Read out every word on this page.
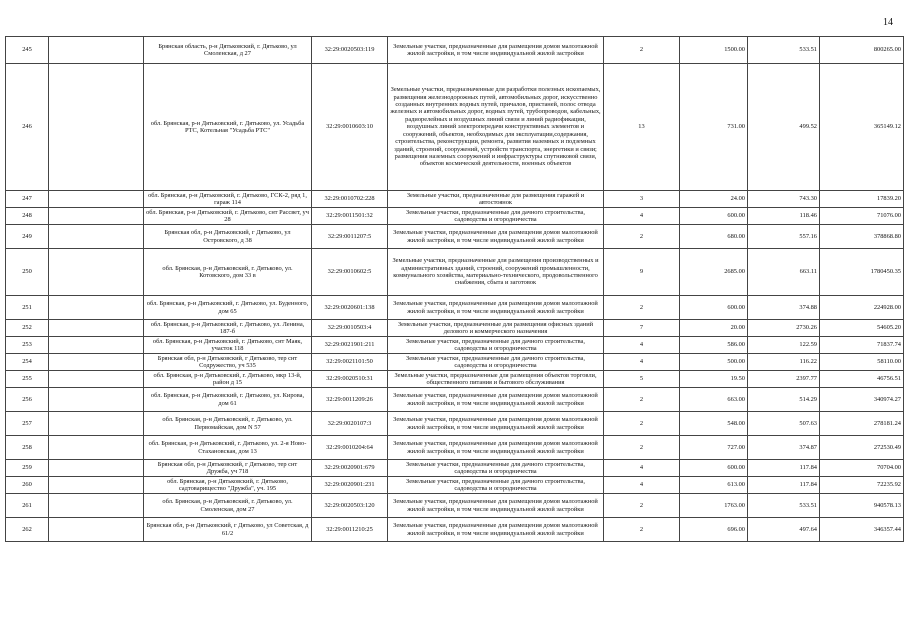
14
245		Брянская область, р-н Дятьковский, г. Дятьково, ул Смоленская, д 27	32:29:0020503:119	Земельные участки, предназначенные для размещения домов малоэтажной жилой застройки, в том числе индивидуальной жилой застройки	2	1500.00	533.51	800265.00
246		обл. Брянская, р-н Дятьковский, г. Дятьково, ул. Усадьба РТС, Котельная "Усадьба РТС"	32:29:0010603:10	Земельные участки, предназначенные для разработки полезных ископаемых, размещения железнодорожных путей, автомобильных дорог, искусственно созданных внутренних водных путей, причалов, пристаней, полос отвода железных и автомобильных дорог, водных путей, трубопроводов, кабельных, радиорелейных и воздушных линий связи и линий радиофикации, воздушных линий электропередачи конструктивных элементов и сооружений, объектов, необходимых для эксплуатации,содержания, строительства, реконструкции, ремонта, развития наземных и подземных зданий, строений, сооружений, устройств транспорта, энергетики и связи; размещения наземных сооружений и инфраструктуры спутниковой связи, объектов космической деятельности, военных объектов	13	731.00	499.52	365149.12
247		обл. Брянская, р-н Дятьковский, г. Дятьково, ГСК-2, ряд 1, гараж 114	32:29:0010702:228	Земельные участки, предназначенные для размещения гаражей и автостоянок	3	24.00	743.30	17839.20
248		обл. Брянская, р-н Дятьковский, г. Дятьково, снт Рассвет, уч 28	32:29:0011501:32	Земельные участки, предназначенные для дачного строительства, садоводства и огородничества	4	600.00	118.46	71076.00
249		Брянская обл, р-н Дятьковский, г Дятьково, ул Островского, д 38	32:29:0011207:5	Земельные участки, предназначенные для размещения домов малоэтажной жилой застройки, в том числе индивидуальной жилой застройки	2	680.00	557.16	378868.80
250		обл. Брянская, р-н Дятьковский, г. Дятьково, ул. Котовского, дом 33 в	32:29:0010602:5	Земельные участки, предназначенные для размещения производственных и административных зданий, строений, сооружений промышленности, коммунального хозяйства, материально-технического, продовольственного снабжения, сбыта и заготовок	9	2685.00	663.11	1780450.35
251		обл. Брянская, р-н Дятьковский, г. Дятьково, ул. Буденного, дом 65	32:29:0020601:138	Земельные участки, предназначенные для размещения домов малоэтажной жилой застройки, в том числе индивидуальной жилой застройки	2	600.00	374.88	224928.00
252		обл. Брянская, р-н Дятьковский, г. Дятьково, ул. Ленина, 187-б	32:29:0010503:4	Земельные участки, предназначенные для размещения офисных зданий делового и коммерческого назначения	7	20.00	2730.26	54605.20
253		обл. Брянская, р-н Дятьковский, г. Дятьково, снт Маяк, участок 118	32:29:0021901:211	Земельные участки, предназначенные для дачного строительства, садоводства и огородничества	4	586.00	122.59	71837.74
254		Брянская обл, р-н Дятьковский, г Дятьково, тер снт Содружество, уч 535	32:29:0021101:50	Земельные участки, предназначенные для дачного строительства, садоводства и огородничества	4	500.00	116.22	58110.00
255		обл. Брянская, р-н Дятьковский, г. Дятьково, мкр 13-й, район д 15	32:29:0020510:31	Земельные участки, предназначенные для размещения объектов торговли, общественного питания и бытового обслуживания	5	19.50	2397.77	46756.51
256		обл. Брянская, р-н Дятьковский, г. Дятьково, ул. Кирова, дом 61	32:29:0011209:26	Земельные участки, предназначенные для размещения домов малоэтажной жилой застройки, в том числе индивидуальной жилой застройки	2	663.00	514.29	340974.27
257		обл. Брянская, р-н Дятьковский, г. Дятьково, ул. Первомайская, дом N 57	32:29:0020107:3	Земельные участки, предназначенные для размещения домов малоэтажной жилой застройки, в том числе индивидуальной жилой застройки	2	548.00	507.63	278181.24
258		обл. Брянская, р-н Дятьковский, г. Дятьково, ул. 2-я Ново-Стахановская, дом 13	32:29:0010204:64	Земельные участки, предназначенные для размещения домов малоэтажной жилой застройки, в том числе индивидуальной жилой застройки	2	727.00	374.87	272530.49
259		Брянская обл, р-н Дятьковский, г Дятьково, тер снт Дружба, уч 718	32:29:0020901:679	Земельные участки, предназначенные для дачного строительства, садоводства и огородничества	4	600.00	117.84	70704.00
260		обл. Брянская, р-н Дятьковский, г. Дятьково, садтоварищество "Дружба", уч. 195	32:29:0020901:231	Земельные участки, предназначенные для дачного строительства, садоводства и огородничества	4	613.00	117.84	72235.92
261		обл. Брянская, р-н Дятьковский, г. Дятьково, ул. Смоленская, дом 27	32:29:0020503:120	Земельные участки, предназначенные для размещения домов малоэтажной жилой застройки, в том числе индивидуальной жилой застройки	2	1763.00	533.51	940578.13
262		Брянская обл, р-н Дятьковский, г Дятьково, ул Советская, д 61/2	32:29:0011210:25	Земельные участки, предназначенные для размещения домов малоэтажной жилой застройки, в том числе индивидуальной жилой застройки	2	696.00	497.64	346357.44
